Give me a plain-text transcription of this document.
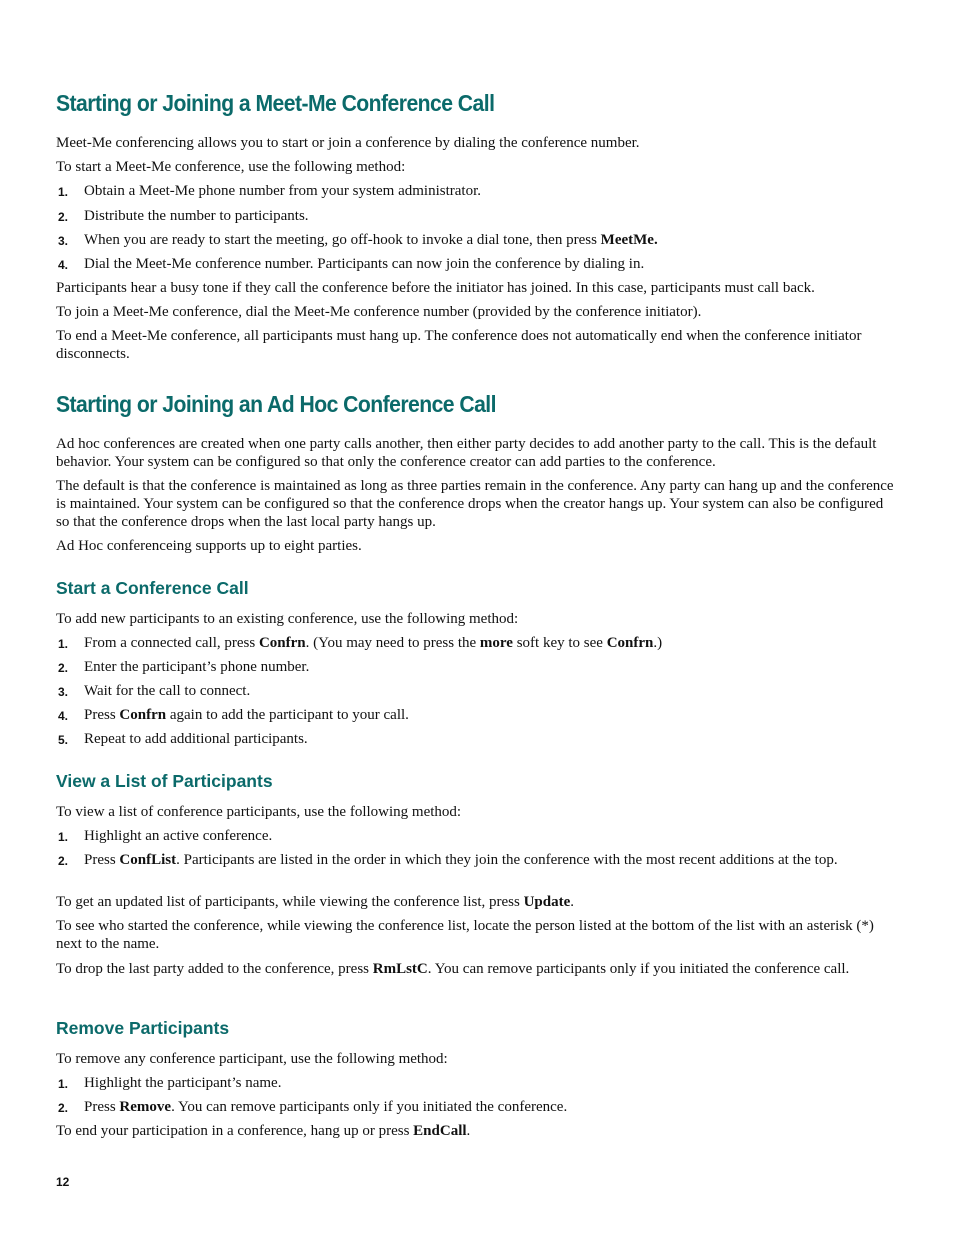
Starting or Joining a Meet-Me Conference Call

Meet-Me conferencing allows you to start or join a conference by dialing the conference number.

To start a Meet-Me conference, use the following method:

1. Obtain a Meet-Me phone number from your system administrator.
2. Distribute the number to participants.
3. When you are ready to start the meeting, go off-hook to invoke a dial tone, then press MeetMe.
4. Dial the Meet-Me conference number. Participants can now join the conference by dialing in.

Participants hear a busy tone if they call the conference before the initiator has joined. In this case, participants must call back.

To join a Meet-Me conference, dial the Meet-Me conference number (provided by the conference initiator).

To end a Meet-Me conference, all participants must hang up. The conference does not automatically end when the conference initiator disconnects.

Starting or Joining an Ad Hoc Conference Call

Ad hoc conferences are created when one party calls another, then either party decides to add another party to the call. This is the default behavior. Your system can be configured so that only the conference creator can add parties to the conference.

The default is that the conference is maintained as long as three parties remain in the conference. Any party can hang up and the conference is maintained. Your system can be configured so that the conference drops when the creator hangs up. Your system can also be configured so that the conference drops when the last local party hangs up.

Ad Hoc conferenceing supports up to eight parties.

Start a Conference Call

To add new participants to an existing conference, use the following method:

1. From a connected call, press Confrn. (You may need to press the more soft key to see Confrn.)
2. Enter the participant’s phone number.
3. Wait for the call to connect.
4. Press Confrn again to add the participant to your call.
5. Repeat to add additional participants.
View a List of Participants

To view a list of conference participants, use the following method:

1. Highlight an active conference.
2. Press ConfList. Participants are listed in the order in which they join the conference with the most recent additions at the top.

To get an updated list of participants, while viewing the conference list, press Update.

To see who started the conference, while viewing the conference list, locate the person listed at the bottom of the list with an asterisk (*) next to the name.

To drop the last party added to the conference, press RmLstC. You can remove participants only if you initiated the conference call.

Remove Participants

To remove any conference participant, use the following method:

1. Highlight the participant’s name.
2. Press Remove. You can remove participants only if you initiated the conference.

To end your participation in a conference, hang up or press EndCall.

12
